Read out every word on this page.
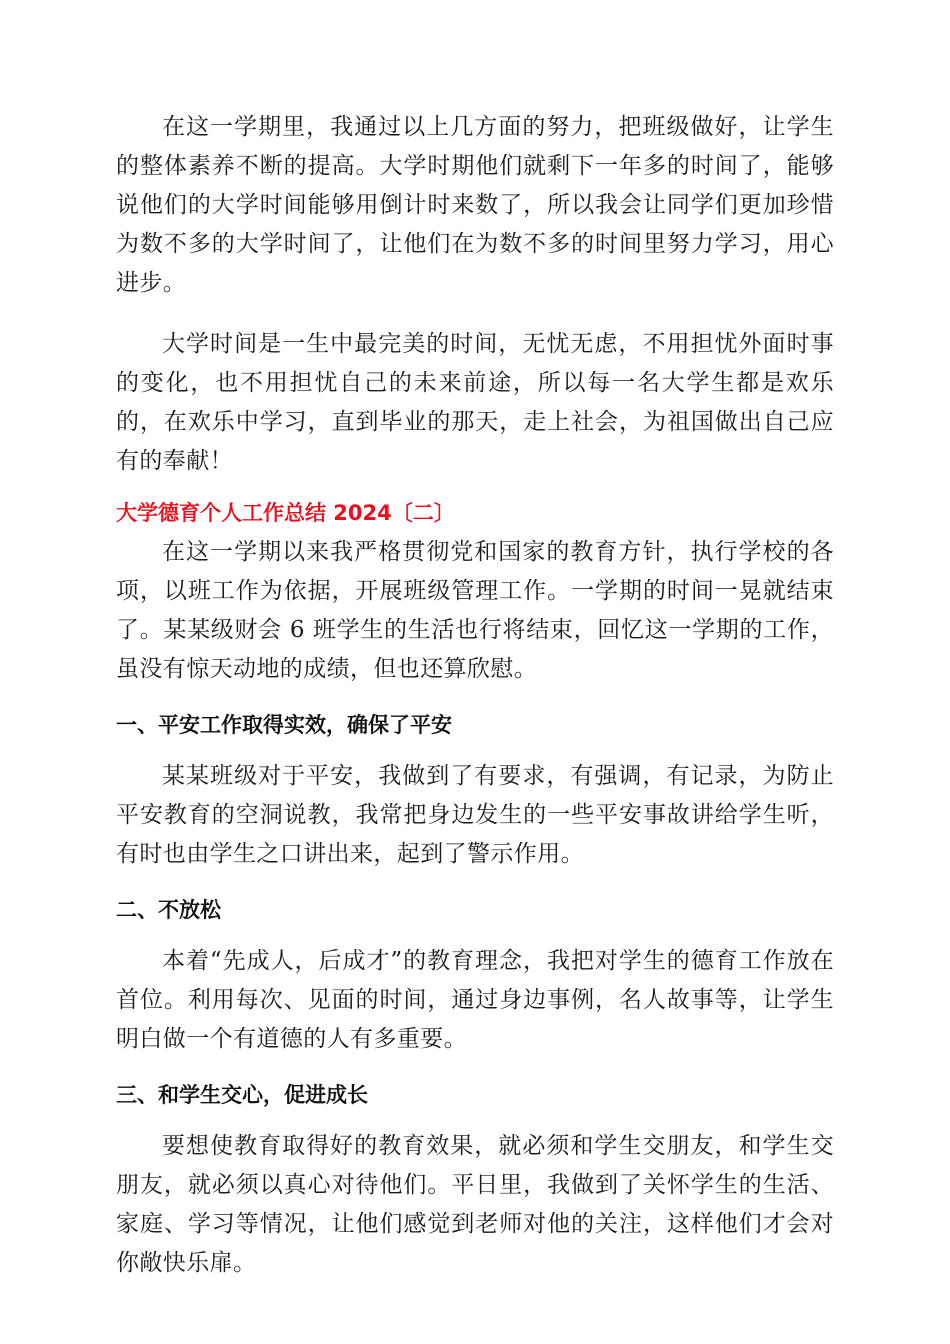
在这一学期里，我通过以上几方面的努力，把班级做好，让学生的整体素养不断的提高。大学时期他们就剩下一年多的时间了，能够说他们的大学时间能够用倒计时来数了，所以我会让同学们更加珍惜为数不多的大学时间了，让他们在为数不多的时间里努力学习，用心进步。

大学时间是一生中最完美的时间，无忧无虑，不用担忧外面时事的变化，也不用担忧自己的未来前途，所以每一名大学生都是欢乐的，在欢乐中学习，直到毕业的那天，走上社会，为祖国做出自己应有的奉献！

大学德育个人工作总结 2024〔二〕

在这一学期以来我严格贯彻党和国家的教育方针，执行学校的各项，以班工作为依据，开展班级管理工作。一学期的时间一晃就结束了。某某级财会 6 班学生的生活也行将结束，回忆这一学期的工作，虽没有惊天动地的成绩，但也还算欣慰。

一、平安工作取得实效，确保了平安

某某班级对于平安，我做到了有要求，有强调，有记录，为防止平安教育的空洞说教，我常把身边发生的一些平安事故讲给学生听，有时也由学生之口讲出来，起到了警示作用。

二、不放松

本着“先成人，后成才”的教育理念，我把对学生的德育工作放在首位。利用每次、见面的时间，通过身边事例，名人故事等，让学生明白做一个有道德的人有多重要。

三、和学生交心，促进成长

要想使教育取得好的教育效果，就必须和学生交朋友，和学生交朋友，就必须以真心对待他们。平日里，我做到了关怀学生的生活、家庭、学习等情况，让他们感觉到老师对他的关注，这样他们才会对你敞快乐扉。
